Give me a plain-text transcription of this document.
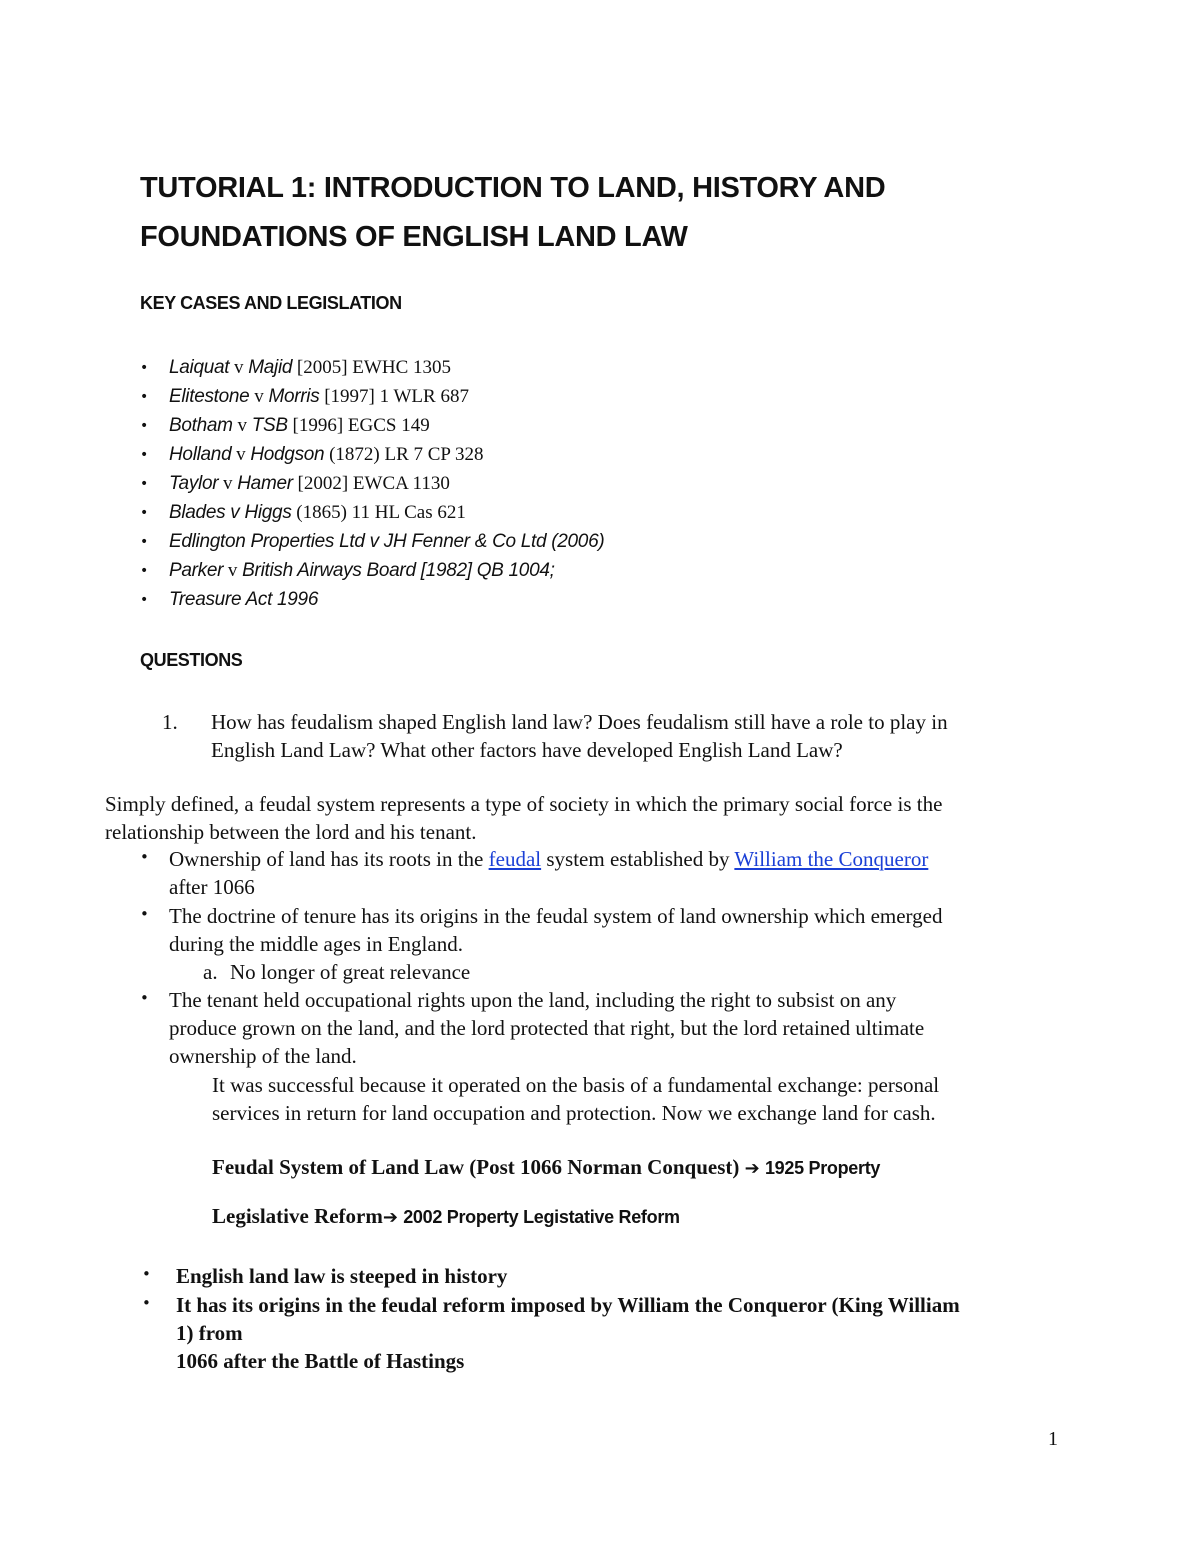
TUTORIAL 1: INTRODUCTION TO LAND, HISTORY AND
FOUNDATIONS OF ENGLISH LAND LAW
KEY CASES AND LEGISLATION
• Laiquat v Majid [2005] EWHC 1305
• Elitestone v Morris [1997] 1 WLR 687
• Botham v TSB [1996] EGCS 149
• Holland v Hodgson (1872) LR 7 CP 328
• Taylor v Hamer [2002] EWCA 1130
• Blades v Higgs (1865) 11 HL Cas 621
• Edlington Properties Ltd v JH Fenner & Co Ltd (2006)
• Parker v British Airways Board [1982] QB 1004;
• Treasure Act 1996
QUESTIONS
1. How has feudalism shaped English land law? Does feudalism still have a role to play in
English Land Law? What other factors have developed English Land Law?
Simply defined, a feudal system represents a type of society in which the primary social force is the
relationship between the lord and his tenant.
• Ownership of land has its roots in the feudal system established by William the Conqueror
after 1066
• The doctrine of tenure has its origins in the feudal system of land ownership which emerged
during the middle ages in England.
a. No longer of great relevance
• The tenant held occupational rights upon the land, including the right to subsist on any
produce grown on the land, and the lord protected that right, but the lord retained ultimate
ownership of the land.
It was successful because it operated on the basis of a fundamental exchange: personal
services in return for land occupation and protection. Now we exchange land for cash.
Feudal System of Land Law (Post 1066 Norman Conquest) ➔ 1925 Property
Legislative Reform➔ 2002 Property Legistative Reform
• English land law is steeped in history
• It has its origins in the feudal reform imposed by William the Conqueror (King William
1) from
1066 after the Battle of Hastings
1
